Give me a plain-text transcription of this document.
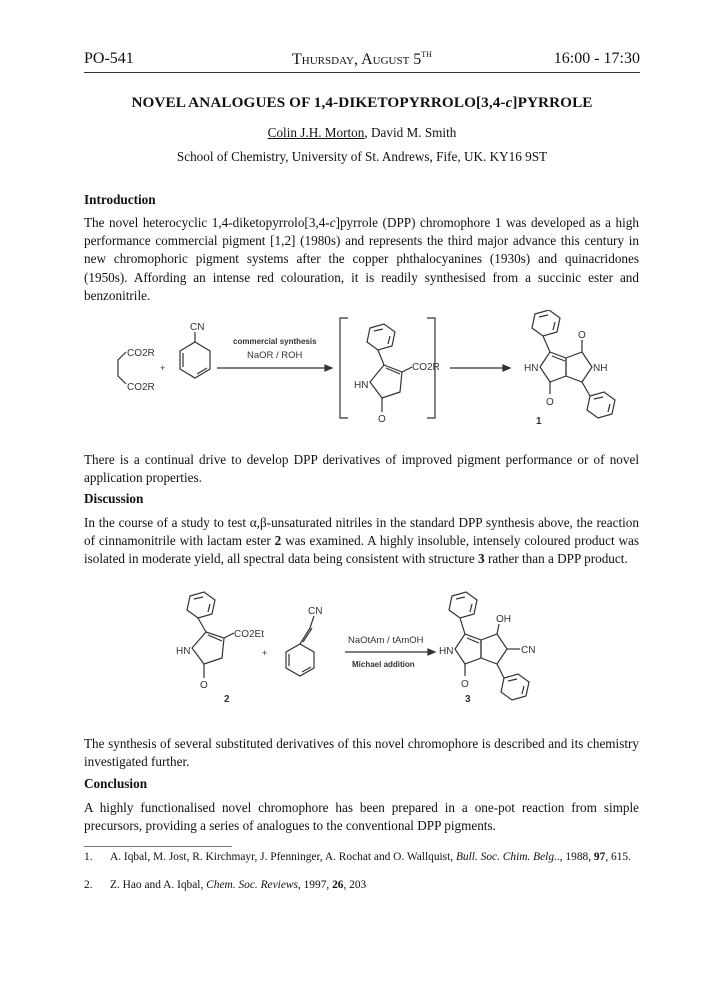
PO-541	Thursday, August 5TH	16:00 - 17:30
NOVEL ANALOGUES OF 1,4-DIKETOPYRROLO[3,4-c]PYRROLE
Colin J.H. Morton, David M. Smith
School of Chemistry, University of St. Andrews, Fife, UK. KY16 9ST
Introduction
The novel heterocyclic 1,4-diketopyrrolo[3,4-c]pyrrole (DPP) chromophore 1 was developed as a high performance commercial pigment [1,2] (1980s) and represents the third major advance this century in new chromophoric pigment systems after the copper phthalocyanines (1930s) and quinacridones (1950s). Affording an intense red colouration, it is readily synthesised from a succinic ester and benzonitrile.
CO2R
CO2R
+
CN
commercial synthesis
NaOR / ROH
CO2R
HN
O
O
O
HN	NH
1
There is a continual drive to develop DPP derivatives of improved pigment performance or of novel application properties.
Discussion
In the course of a study to test α,β-unsaturated nitriles in the standard DPP synthesis above, the reaction of cinnamonitrile with lactam ester 2 was examined. A highly insoluble, intensely coloured product was isolated in moderate yield, all spectral data being consistent with structure 3 rather than a DPP product.
CO2Et
HN
O
2
+
CN
NaOtAm / tAmOH
Michael addition
OH
CN
HN
O
3
The synthesis of several substituted derivatives of this novel chromophore is described and its chemistry investigated further.
Conclusion
A highly functionalised novel chromophore has been prepared in a one-pot reaction from simple precursors, providing a series of analogues to the conventional DPP pigments.
1. A. Iqbal, M. Jost, R. Kirchmayr, J. Pfenninger, A. Rochat and O. Wallquist, Bull. Soc. Chim. Belg.., 1988, 97, 615.
2. Z. Hao and A. Iqbal, Chem. Soc. Reviews, 1997, 26, 203
